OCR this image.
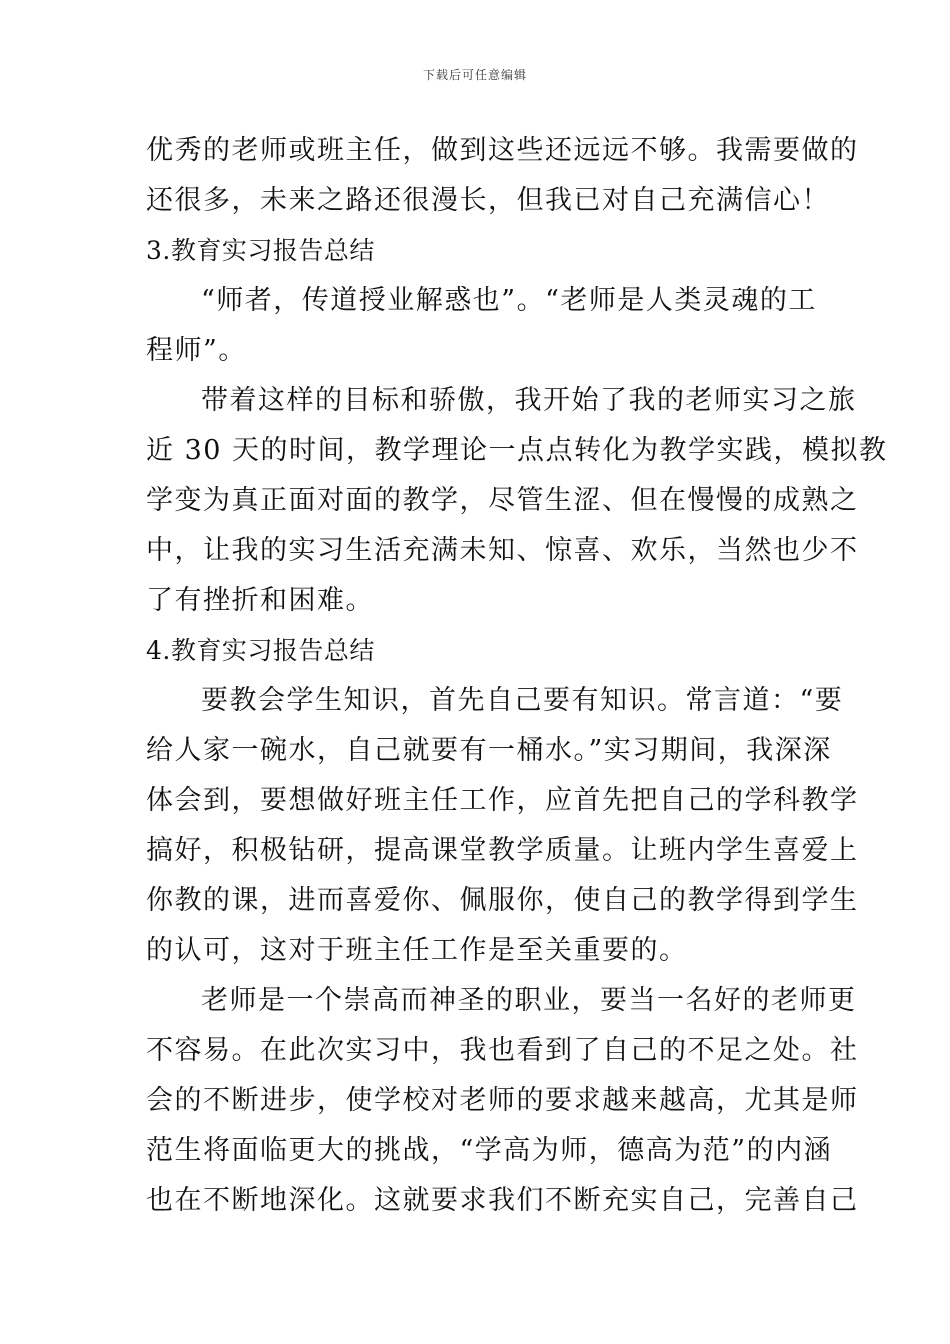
下载后可任意编辑
优秀的老师或班主任，做到这些还远远不够。我需要做的
还很多，未来之路还很漫长，但我已对自己充满信心！
3.教育实习报告总结
“师者，传道授业解惑也”。“老师是人类灵魂的工
程师”。
带着这样的目标和骄傲，我开始了我的老师实习之旅
近 30 天的时间，教学理论一点点转化为教学实践，模拟教
学变为真正面对面的教学，尽管生涩、但在慢慢的成熟之
中，让我的实习生活充满未知、惊喜、欢乐，当然也少不
了有挫折和困难。
4.教育实习报告总结
要教会学生知识，首先自己要有知识。常言道：“要
给人家一碗水，自己就要有一桶水。”实习期间，我深深
体会到，要想做好班主任工作，应首先把自己的学科教学
搞好，积极钻研，提高课堂教学质量。让班内学生喜爱上
你教的课，进而喜爱你、佩服你，使自己的教学得到学生
的认可，这对于班主任工作是至关重要的。
老师是一个崇高而神圣的职业，要当一名好的老师更
不容易。在此次实习中，我也看到了自己的不足之处。社
会的不断进步，使学校对老师的要求越来越高，尤其是师
范生将面临更大的挑战，“学高为师，德高为范”的内涵
也在不断地深化。这就要求我们不断充实自己，完善自己
